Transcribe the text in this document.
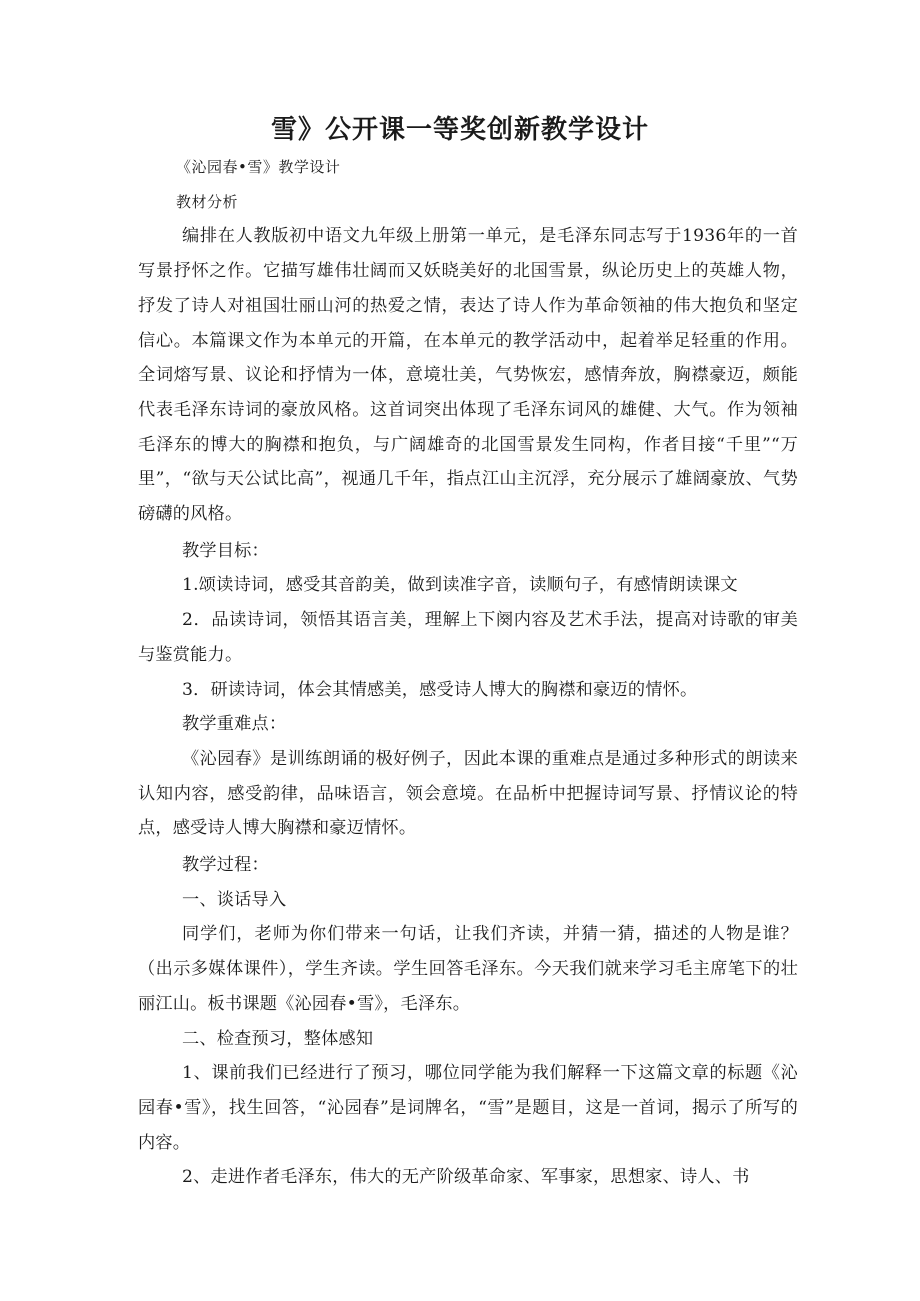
雪》公开课一等奖创新教学设计

《沁园春•雪》教学设计

教材分析

编排在人教版初中语文九年级上册第一单元，是毛泽东同志写于1936年的一首写景抒怀之作。它描写雄伟壮阔而又妖晓美好的北国雪景，纵论历史上的英雄人物，抒发了诗人对祖国壮丽山河的热爱之情，表达了诗人作为革命领袖的伟大抱负和坚定信心。本篇课文作为本单元的开篇，在本单元的教学活动中，起着举足轻重的作用。全词熔写景、议论和抒情为一体，意境壮美，气势恢宏，感情奔放，胸襟豪迈，颇能代表毛泽东诗词的豪放风格。这首词突出体现了毛泽东词风的雄健、大气。作为领袖毛泽东的博大的胸襟和抱负，与广阔雄奇的北国雪景发生同构，作者目接“千里”“万里”，“欲与天公试比高”，视通几千年，指点江山主沉浮，充分展示了雄阔豪放、气势磅礴的风格。

教学目标：

1.颂读诗词，感受其音韵美，做到读准字音，读顺句子，有感情朗读课文

2．品读诗词，领悟其语言美，理解上下阕内容及艺术手法，提高对诗歌的审美与鉴赏能力。

3．研读诗词，体会其情感美，感受诗人博大的胸襟和豪迈的情怀。

教学重难点：

《沁园春》是训练朗诵的极好例子，因此本课的重难点是通过多种形式的朗读来认知内容，感受韵律，品味语言，领会意境。在品析中把握诗词写景、抒情议论的特点，感受诗人博大胸襟和豪迈情怀。

教学过程：

一、谈话导入

同学们，老师为你们带来一句话，让我们齐读，并猜一猜，描述的人物是谁？（出示多媒体课件），学生齐读。学生回答毛泽东。今天我们就来学习毛主席笔下的壮丽江山。板书课题《沁园春•雪》，毛泽东。

二、检查预习，整体感知

1、课前我们已经进行了预习，哪位同学能为我们解释一下这篇文章的标题《沁园春•雪》，找生回答，“沁园春”是词牌名，“雪”是题目，这是一首词，揭示了所写的内容。

2、走进作者毛泽东，伟大的无产阶级革命家、军事家，思想家、诗人、书
